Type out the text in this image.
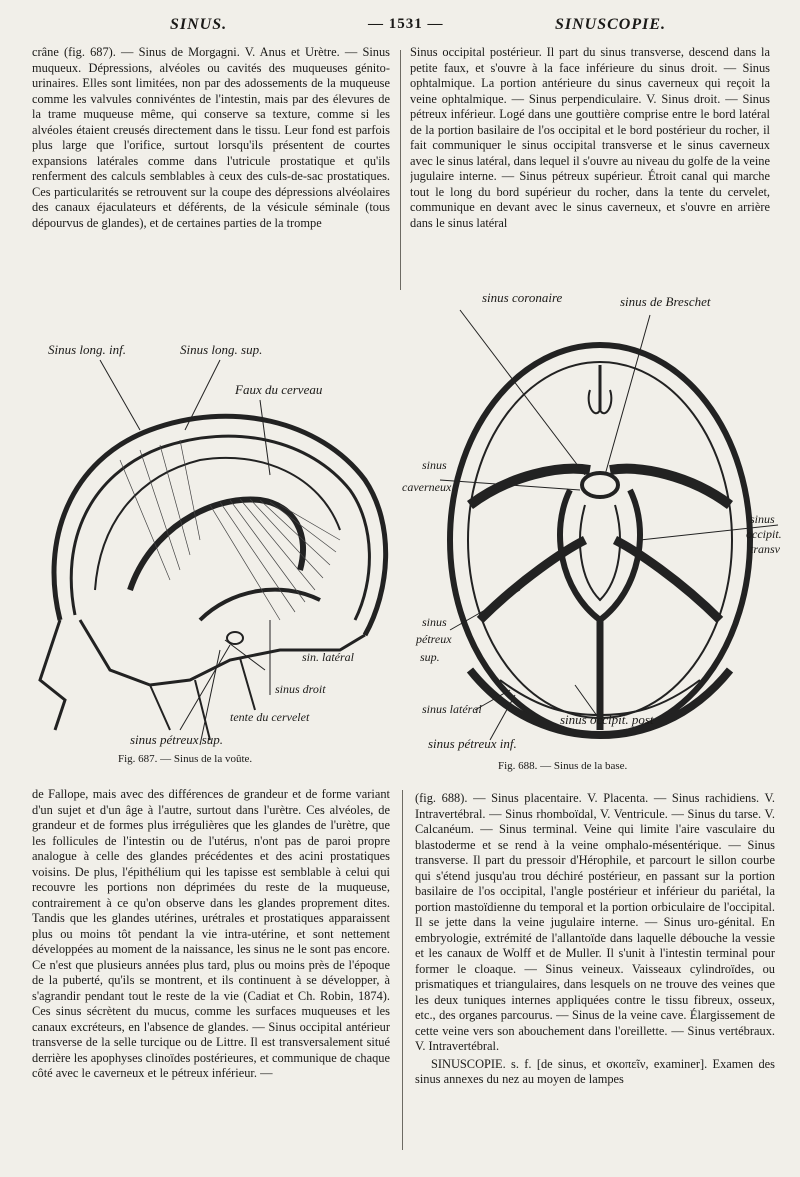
SINUS.	— 1531 —	SINUSCOPIE.

crâne (fig. 687). — Sinus de Morgagni. V. Anus et Urètre. — Sinus muqueux. Dépressions, alvéoles ou cavités des muqueuses génito-urinaires. Elles sont limitées, non par des adossements de la muqueuse comme les valvules connivéntes de l'intestin, mais par des élevures de la trame muqueuse même, qui conserve sa texture, comme si les alvéoles étaient creusés directement dans le tissu. Leur fond est parfois plus large que l'orifice, surtout lorsqu'ils présentent de courtes expansions latérales comme dans l'utricule prostatique et qu'ils renferment des calculs semblables à ceux des culs-de-sac prostatiques. Ces particularités se retrouvent sur la coupe des dépressions alvéolaires des canaux éjaculateurs et déférents, de la vésicule séminale (tous dépourvus de glandes), et de certaines parties de la trompe

Sinus occipital postérieur. Il part du sinus transverse, descend dans la petite faux, et s'ouvre à la face inférieure du sinus droit. — Sinus ophtalmique. La portion antérieure du sinus caverneux qui reçoit la veine ophtalmique. — Sinus perpendiculaire. V. Sinus droit. — Sinus pétreux inférieur. Logé dans une gouttière comprise entre le bord latéral de la portion basilaire de l'os occipital et le bord postérieur du rocher, il fait communiquer le sinus occipital transverse et le sinus caverneux avec le sinus latéral, dans lequel il s'ouvre au niveau du golfe de la veine jugulaire interne. — Sinus pétreux supérieur. Étroit canal qui marche tout le long du bord supérieur du rocher, dans la tente du cervelet, communique en devant avec le sinus caverneux, et s'ouvre en arrière dans le sinus latéral

Sinus long. inf.	Sinus long. sup.
Faux du cerveau
sin. latéral
sinus droit
tente du cervelet
sinus pétreux sup.
Fig. 687. — Sinus de la voûte.
sinus coronaire	sinus de Breschet
sinus
caverneux
sinus
occipit.
transv
sinus
pétreux
sup.
sinus latéral
sinus occipit. post
sinus pétreux inf.
Fig. 688. — Sinus de la base.

de Fallope, mais avec des différences de grandeur et de forme variant d'un sujet et d'un âge à l'autre, surtout dans l'urètre. Ces alvéoles, de grandeur et de formes plus irrégulières que les glandes de l'urètre, que les follicules de l'intestin ou de l'utérus, n'ont pas de paroi propre analogue à celle des glandes précédentes et des acini prostatiques voisins. De plus, l'épithélium qui les tapisse est semblable à celui qui recouvre les portions non déprimées du reste de la muqueuse, contrairement à ce qu'on observe dans les glandes proprement dites. Tandis que les glandes utérines, urétrales et prostatiques apparaissent plus ou moins tôt pendant la vie intra-utérine, et sont nettement développées au moment de la naissance, les sinus ne le sont pas encore. Ce n'est que plusieurs années plus tard, plus ou moins près de l'époque de la puberté, qu'ils se montrent, et ils continuent à se développer, à s'agrandir pendant tout le reste de la vie (Cadiat et Ch. Robin, 1874). Ces sinus sécrètent du mucus, comme les surfaces muqueuses et les canaux excréteurs, en l'absence de glandes. — Sinus occipital antérieur transverse de la selle turcique ou de Littre. Il est transversalement situé derrière les apophyses clinoïdes postérieures, et communique de chaque côté avec le caverneux et le pétreux inférieur. —

(fig. 688). — Sinus placentaire. V. Placenta. — Sinus rachidiens. V. Intravertébral. — Sinus rhomboïdal, V. Ventricule. — Sinus du tarse. V. Calcanéum. — Sinus terminal. Veine qui limite l'aire vasculaire du blastoderme et se rend à la veine omphalo-mésentérique. — Sinus transverse. Il part du pressoir d'Hérophile, et parcourt le sillon courbe qui s'étend jusqu'au trou déchiré postérieur, en passant sur la portion basilaire de l'os occipital, l'angle postérieur et inférieur du pariétal, la portion mastoïdienne du temporal et la portion orbiculaire de l'occipital. Il se jette dans la veine jugulaire interne. — Sinus uro-génital. En embryologie, extrémité de l'allantoïde dans laquelle débouche la vessie et les canaux de Wolff et de Muller. Il s'unit à l'intestin terminal pour former le cloaque. — Sinus veineux. Vaisseaux cylindroïdes, ou prismatiques et triangulaires, dans lesquels on ne trouve des veines que les deux tuniques internes appliquées contre le tissu fibreux, osseux, etc., des organes parcourus. — Sinus de la veine cave. Élargissement de cette veine vers son abouchement dans l'oreillette. — Sinus vertébraux. V. Intravertébral.

SINUSCOPIE. s. f. [de sinus, et σκοπεῖν, examiner]. Examen des sinus annexes du nez au moyen de lampes
